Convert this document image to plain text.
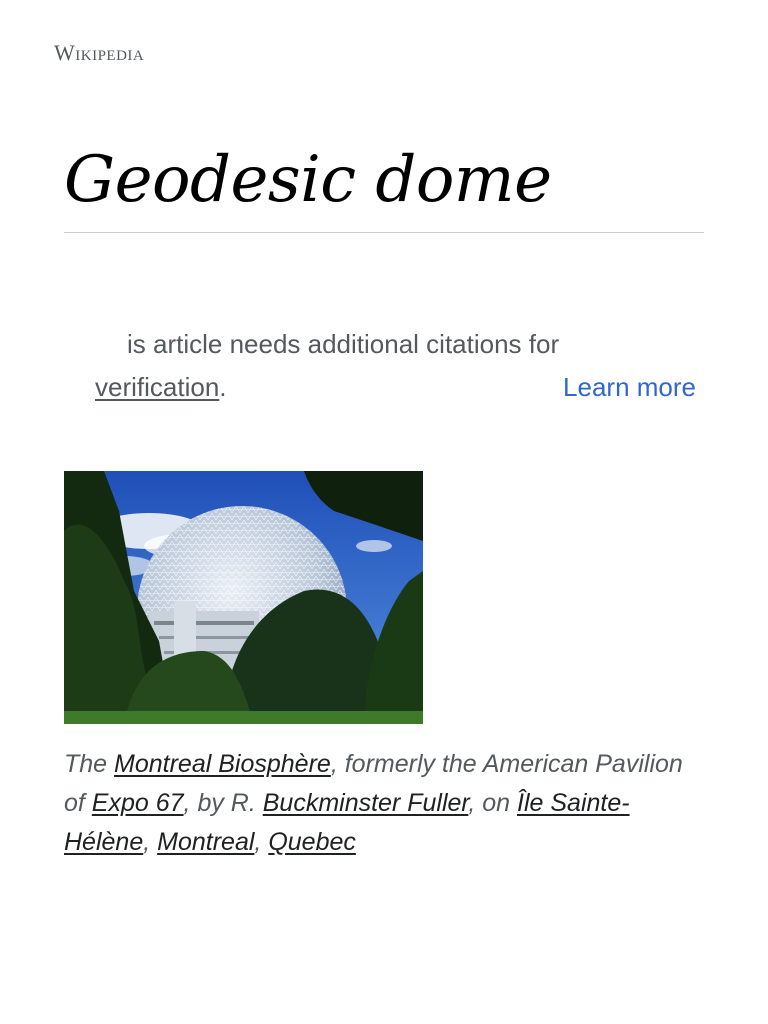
Wikipedia
Geodesic dome
is article needs additional citations for
verification.	Learn more
The Montreal Biosphère, formerly the American Pavilion of Expo 67, by R. Buckminster Fuller, on Île Sainte-Hélène, Montreal, Quebec
